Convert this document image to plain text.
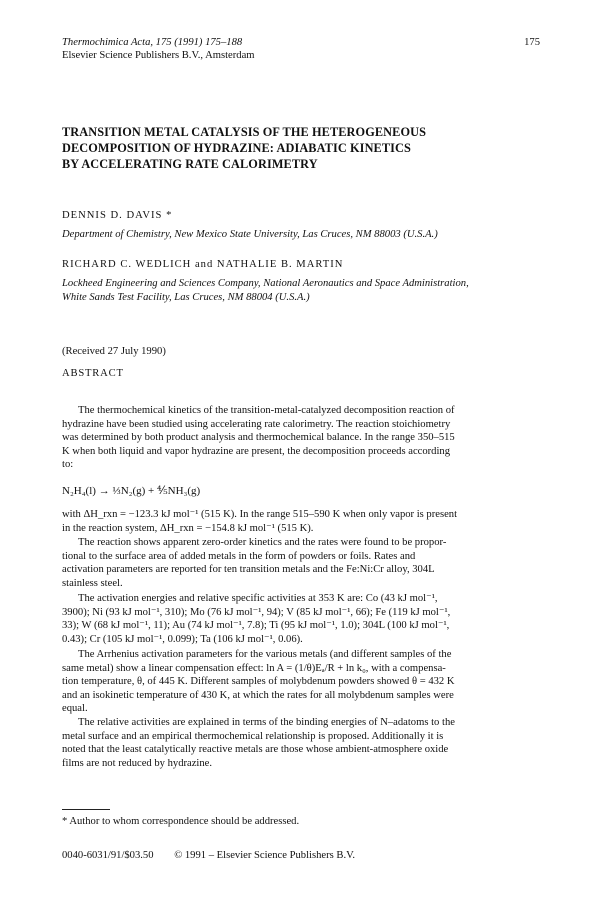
Thermochimica Acta, 175 (1991) 175–188
Elsevier Science Publishers B.V., Amsterdam
175
TRANSITION METAL CATALYSIS OF THE HETEROGENEOUS
DECOMPOSITION OF HYDRAZINE: ADIABATIC KINETICS
BY ACCELERATING RATE CALORIMETRY
DENNIS D. DAVIS *
Department of Chemistry, New Mexico State University, Las Cruces, NM 88003 (U.S.A.)
RICHARD C. WEDLICH and NATHALIE B. MARTIN
Lockheed Engineering and Sciences Company, National Aeronautics and Space Administration,
White Sands Test Facility, Las Cruces, NM 88004 (U.S.A.)
(Received 27 July 1990)
ABSTRACT
The thermochemical kinetics of the transition-metal-catalyzed decomposition reaction of
hydrazine have been studied using accelerating rate calorimetry. The reaction stoichiometry
was determined by both product analysis and thermochemical balance. In the range 350–515
K when both liquid and vapor hydrazine are present, the decomposition proceeds according
to:
N₂H₄(l) → ⅓N₂(g) + ⅘NH₃(g)
with ΔH_rxn = −123.3 kJ mol⁻¹ (515 K). In the range 515–590 K when only vapor is present
in the reaction system, ΔH_rxn = −154.8 kJ mol⁻¹ (515 K).
The reaction shows apparent zero-order kinetics and the rates were found to be propor-
tional to the surface area of added metals in the form of powders or foils. Rates and
activation parameters are reported for ten transition metals and the Fe:Ni:Cr alloy, 304L
stainless steel.
The activation energies and relative specific activities at 353 K are: Co (43 kJ mol⁻¹,
3900); Ni (93 kJ mol⁻¹, 310); Mo (76 kJ mol⁻¹, 94); V (85 kJ mol⁻¹, 66); Fe (119 kJ mol⁻¹,
33); W (68 kJ mol⁻¹, 11); Au (74 kJ mol⁻¹, 7.8); Ti (95 kJ mol⁻¹, 1.0); 304L (100 kJ mol⁻¹,
0.43); Cr (105 kJ mol⁻¹, 0.099); Ta (106 kJ mol⁻¹, 0.06).
The Arrhenius activation parameters for the various metals (and different samples of the
same metal) show a linear compensation effect: ln A = (1/θ)Eₐ/R + ln k₀, with a compensa-
tion temperature, θ, of 445 K. Different samples of molybdenum powders showed θ = 432 K
and an isokinetic temperature of 430 K, at which the rates for all molybdenum samples were
equal.
The relative activities are explained in terms of the binding energies of N–adatoms to the
metal surface and an empirical thermochemical relationship is proposed. Additionally it is
noted that the least catalytically reactive metals are those whose ambient-atmosphere oxide
films are not reduced by hydrazine.
* Author to whom correspondence should be addressed.
0040-6031/91/$03.50 © 1991 – Elsevier Science Publishers B.V.
